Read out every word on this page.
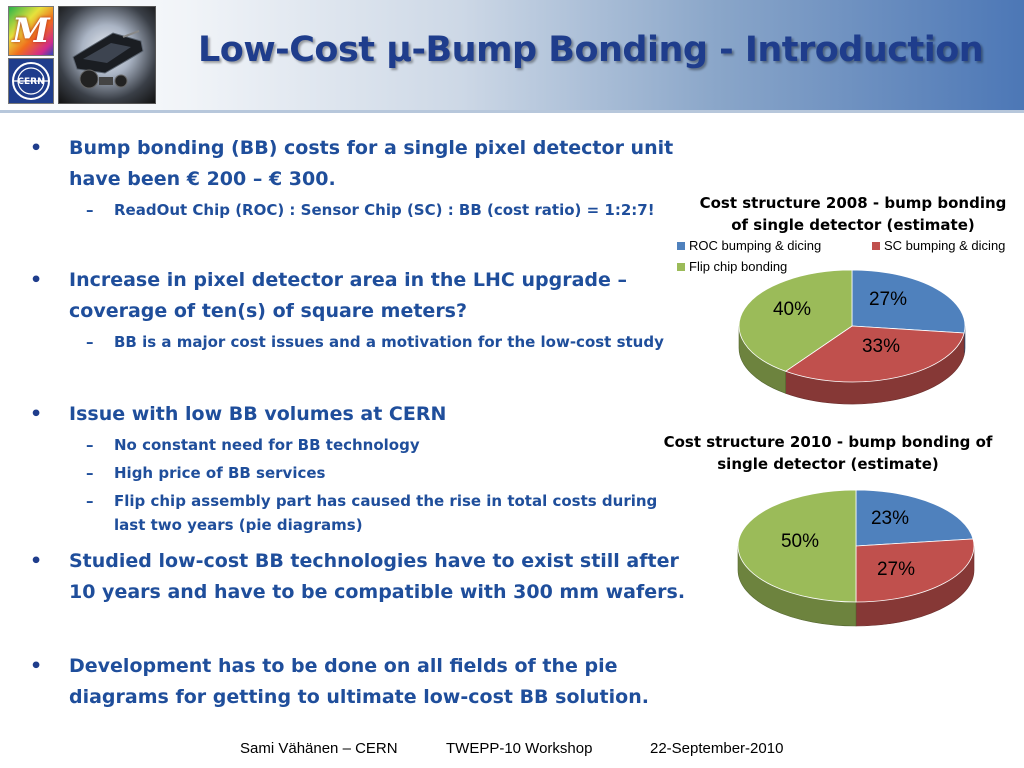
M
CERN
Low-Cost μ-Bump Bonding - Introduction
• Bump bonding (BB) costs for a single pixel detector unit have been € 200 – € 300.
– ReadOut Chip (ROC) : Sensor Chip (SC) : BB (cost ratio) = 1:2:7!
• Increase in pixel detector area in the LHC upgrade – coverage of ten(s) of square meters?
– BB is a major cost issues and a motivation for the low-cost study
• Issue with low BB volumes at CERN
– No constant need for BB technology
– High price of BB services
– Flip chip assembly part has caused the rise in total costs during last two years (pie diagrams)
• Studied low-cost BB technologies have to exist still after 10 years and have to be compatible with 300 mm wafers.
• Development has to be done on all fields of the pie diagrams for getting to ultimate low-cost BB solution.
Cost structure 2008 - bump bonding
of single detector (estimate)
ROC bumping & dicing	SC bumping & dicing
Flip chip bonding
27%
33%
40%
Cost structure 2010 - bump bonding of
single detector (estimate)
23%
27%
50%
Sami Vähänen – CERN	TWEPP-10 Workshop	22-September-2010
